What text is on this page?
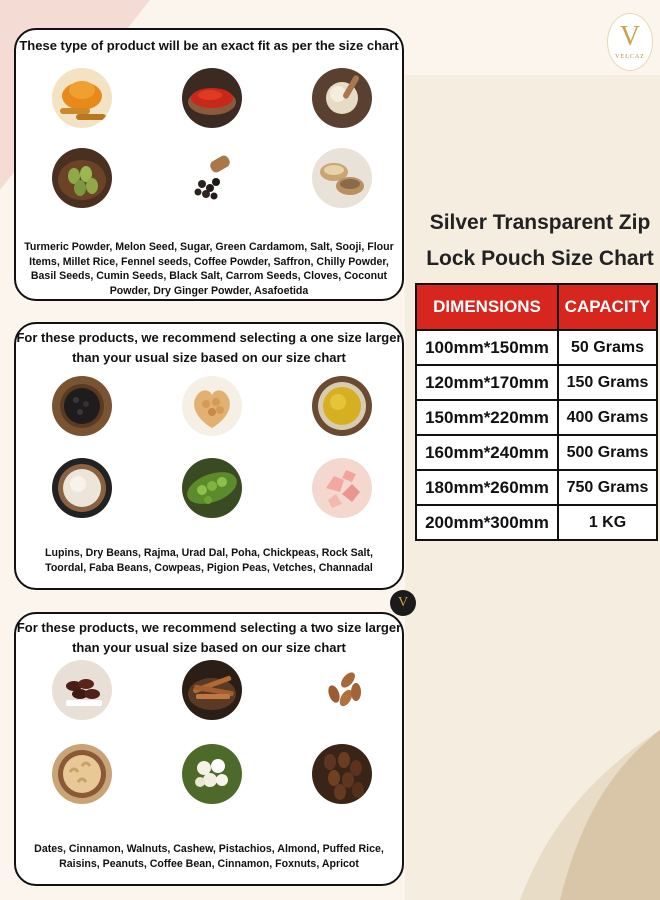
V
VELCAZ
These type of product will be an exact fit as per the size chart
Turmeric Powder, Melon Seed, Sugar, Green Cardamom, Salt, Sooji, Flour Items, Millet Rice, Fennel seeds, Coffee Powder, Saffron, Chilly Powder, Basil Seeds, Cumin Seeds, Black Salt, Carrom Seeds, Cloves, Coconut Powder, Dry Ginger Powder, Asafoetida
For these products, we recommend selecting a one size larger
than your usual size based on our size chart
Lupins, Dry Beans, Rajma, Urad Dal, Poha, Chickpeas, Rock Salt, Toordal, Faba Beans, Cowpeas, Pigion Peas, Vetches, Channadal
V
For these products, we recommend selecting a two size larger
than your usual size based on our size chart
Dates, Cinnamon, Walnuts, Cashew, Pistachios, Almond, Puffed Rice, Raisins, Peanuts, Coffee Bean, Cinnamon, Foxnuts, Apricot
Silver Transparent Zip
Lock Pouch Size Chart
DIMENSIONS	CAPACITY
100mm*150mm	50 Grams
120mm*170mm	150 Grams
150mm*220mm	400 Grams
160mm*240mm	500 Grams
180mm*260mm	750 Grams
200mm*300mm	1 KG
